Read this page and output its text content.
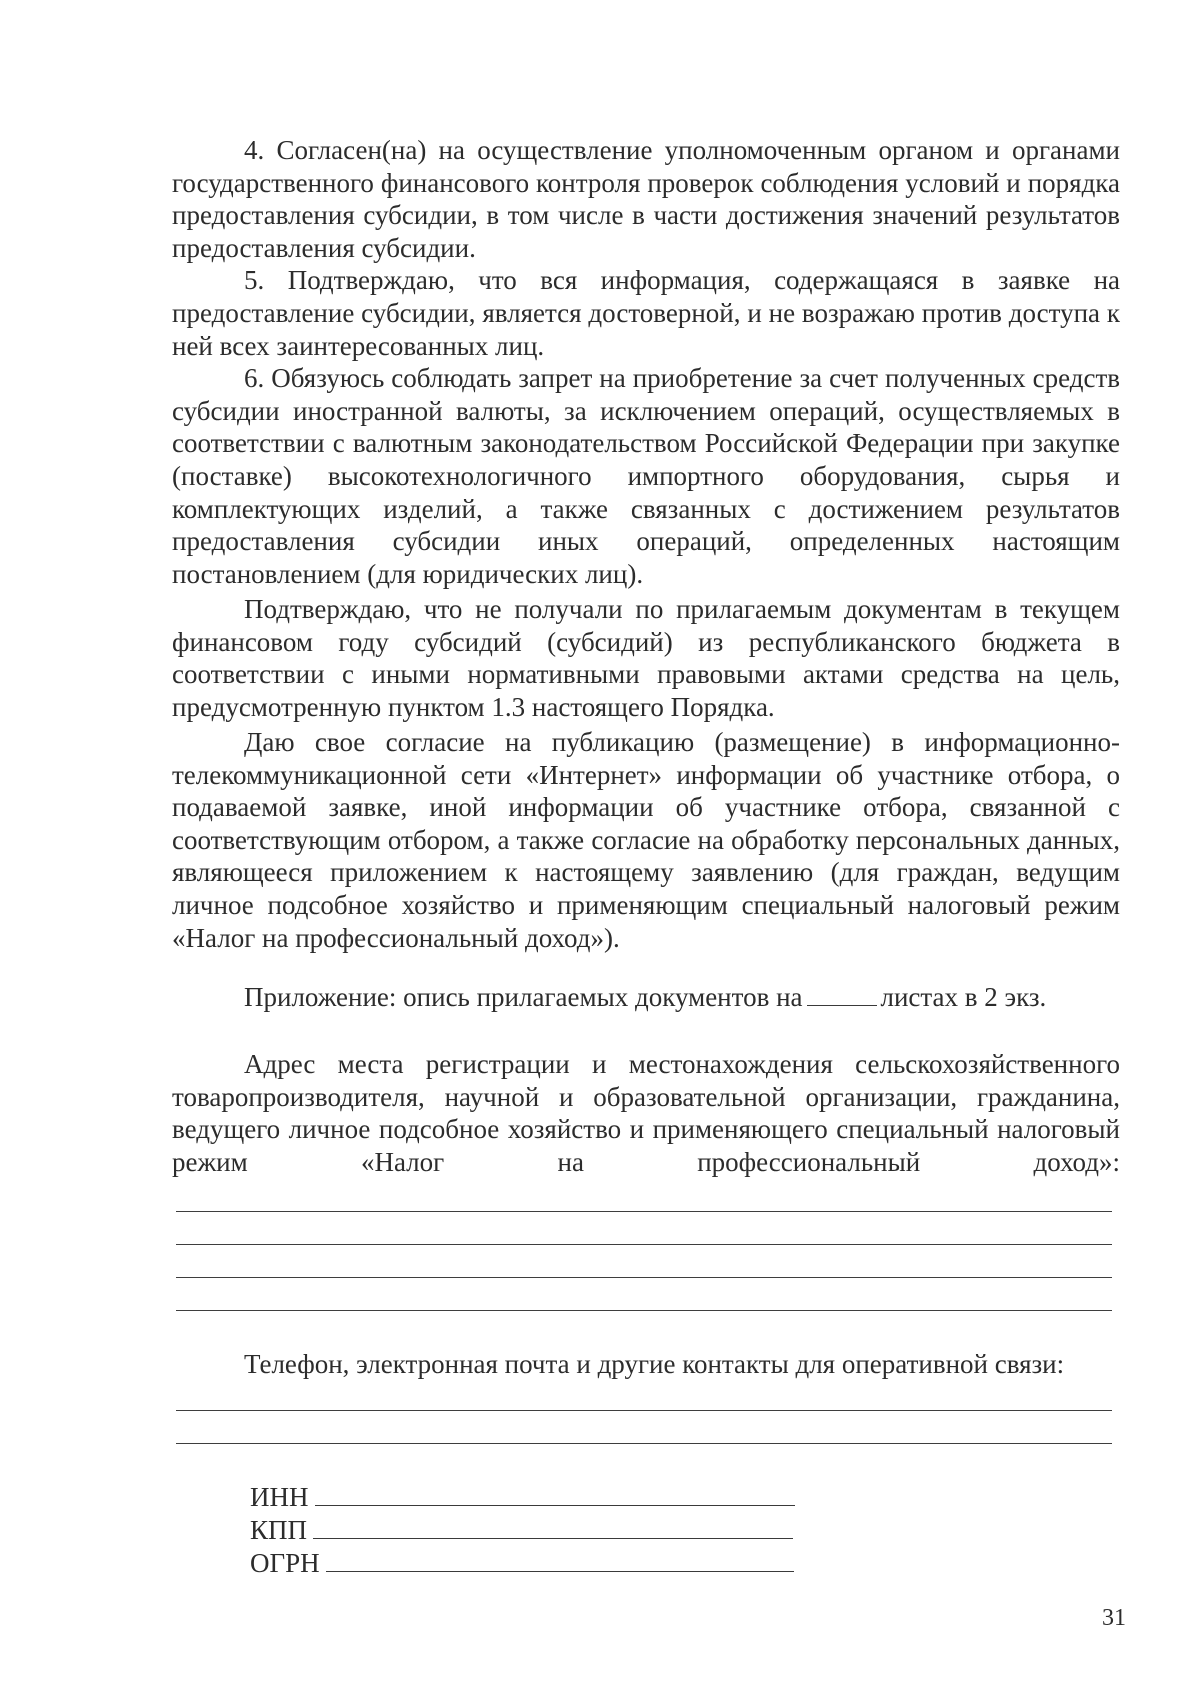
4. Согласен(на) на осуществление уполномоченным органом и органами государственного финансового контроля проверок соблюдения условий и порядка предоставления субсидии, в том числе в части достижения значений результатов предоставления субсидии.

5. Подтверждаю, что вся информация, содержащаяся в заявке на предоставление субсидии, является достоверной, и не возражаю против доступа к ней всех заинтересованных лиц.

6. Обязуюсь соблюдать запрет на приобретение за счет полученных средств субсидии иностранной валюты, за исключением операций, осуществляемых в соответствии с валютным законодательством Российской Федерации при закупке (поставке) высокотехнологичного импортного оборудования, сырья и комплектующих изделий, а также связанных с достижением результатов предоставления субсидии иных операций, определенных настоящим постановлением (для юридических лиц).

Подтверждаю, что не получали по прилагаемым документам в текущем финансовом году субсидий (субсидий) из республиканского бюджета в соответствии с иными нормативными правовыми актами средства на цель, предусмотренную пунктом 1.3 настоящего Порядка.

Даю свое согласие на публикацию (размещение) в информационно-телекоммуникационной сети «Интернет» информации об участнике отбора, о подаваемой заявке, иной информации об участнике отбора, связанной с соответствующим отбором, а также согласие на обработку персональных данных, являющееся приложением к настоящему заявлению (для граждан, ведущим личное подсобное хозяйство и применяющим специальный налоговый режим «Налог на профессиональный доход»).

Приложение: опись прилагаемых документов на	листах в 2 экз.

Адрес места регистрации и местонахождения сельскохозяйственного товаропроизводителя, научной и образовательной организации, гражданина, ведущего личное подсобное хозяйство и применяющего специальный налоговый режим «Налог на профессиональный доход»:

Телефон, электронная почта и другие контакты для оперативной связи:

ИНН
КПП
ОГРН
31
